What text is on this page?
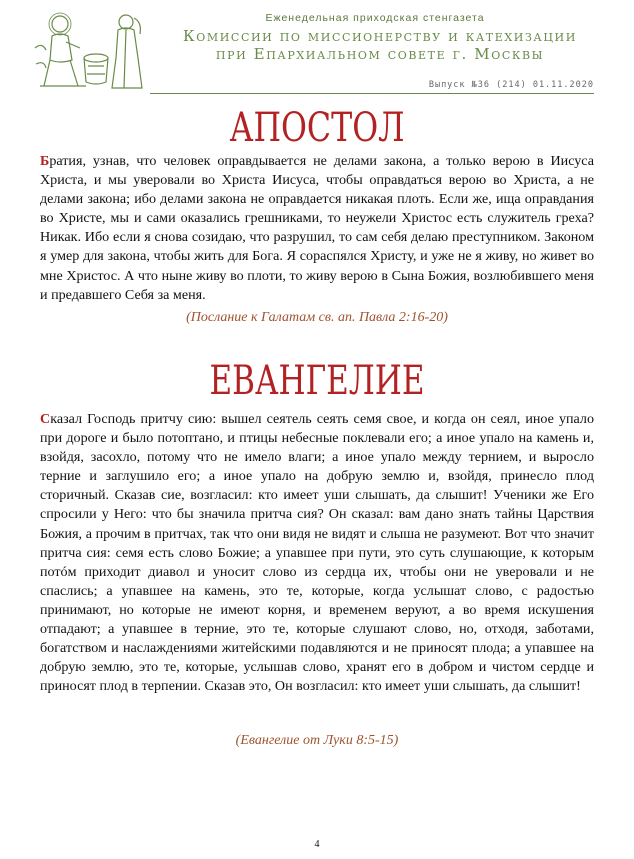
Еженедельная приходская стенгазета
Комиссии по миссионерству и катехизации
при Епархиальном совете г. Москвы
Выпуск №36 (214) 01.11.2020
АПОСТОЛ
Братия, узнав, что человек оправдывается не делами закона, а только верою в Иисуса Христа, и мы уверовали во Христа Иисуса, чтобы оправдаться верою во Христа, а не делами закона; ибо делами закона не оправдается никакая плоть. Если же, ища оправдания во Христе, мы и сами оказались грешниками, то неужели Христос есть служитель греха? Никак. Ибо если я снова созидаю, что разрушил, то сам себя делаю преступником. Законом я умер для закона, чтобы жить для Бога. Я сораспялся Христу, и уже не я живу, но живет во мне Христос. А что ныне живу во плоти, то живу верою в Сына Божия, возлюбившего меня и предавшего Себя за меня.
(Послание к Галатам св. ап. Павла 2:16-20)
ЕВАНГЕЛИЕ
Сказал Господь притчу сию: вышел сеятель сеять семя свое, и когда он сеял, иное упало при дороге и было потоптано, и птицы небесные поклевали его; а иное упало на камень и, взойдя, засохло, потому что не имело влаги; а иное упало между тернием, и выросло терние и заглушило его; а иное упало на добрую землю и, взойдя, принесло плод сторичный. Сказав сие, возгласил: кто имеет уши слышать, да слышит! Ученики же Его спросили у Него: что бы значила притча сия? Он сказал: вам дано знать тайны Царствия Божия, а прочим в притчах, так что они видя не видят и слыша не разумеют. Вот что значит притча сия: семя есть слово Божие; а упавшее при пути, это суть слушающие, к которым потóм приходит диавол и уносит слово из сердца их, чтобы они не уверовали и не спаслись; а упавшее на камень, это те, которые, когда услышат слово, с радостью принимают, но которые не имеют корня, и временем веруют, а во время искушения отпадают; а упавшее в терние, это те, которые слушают слово, но, отходя, заботами, богатством и наслаждениями житейскими подавляются и не приносят плода; а упавшее на добрую землю, это те, которые, услышав слово, хранят его в добром и чистом сердце и приносят плод в терпении. Сказав это, Он возгласил: кто имеет уши слышать, да слышит!
(Евангелие от Луки 8:5-15)
4
